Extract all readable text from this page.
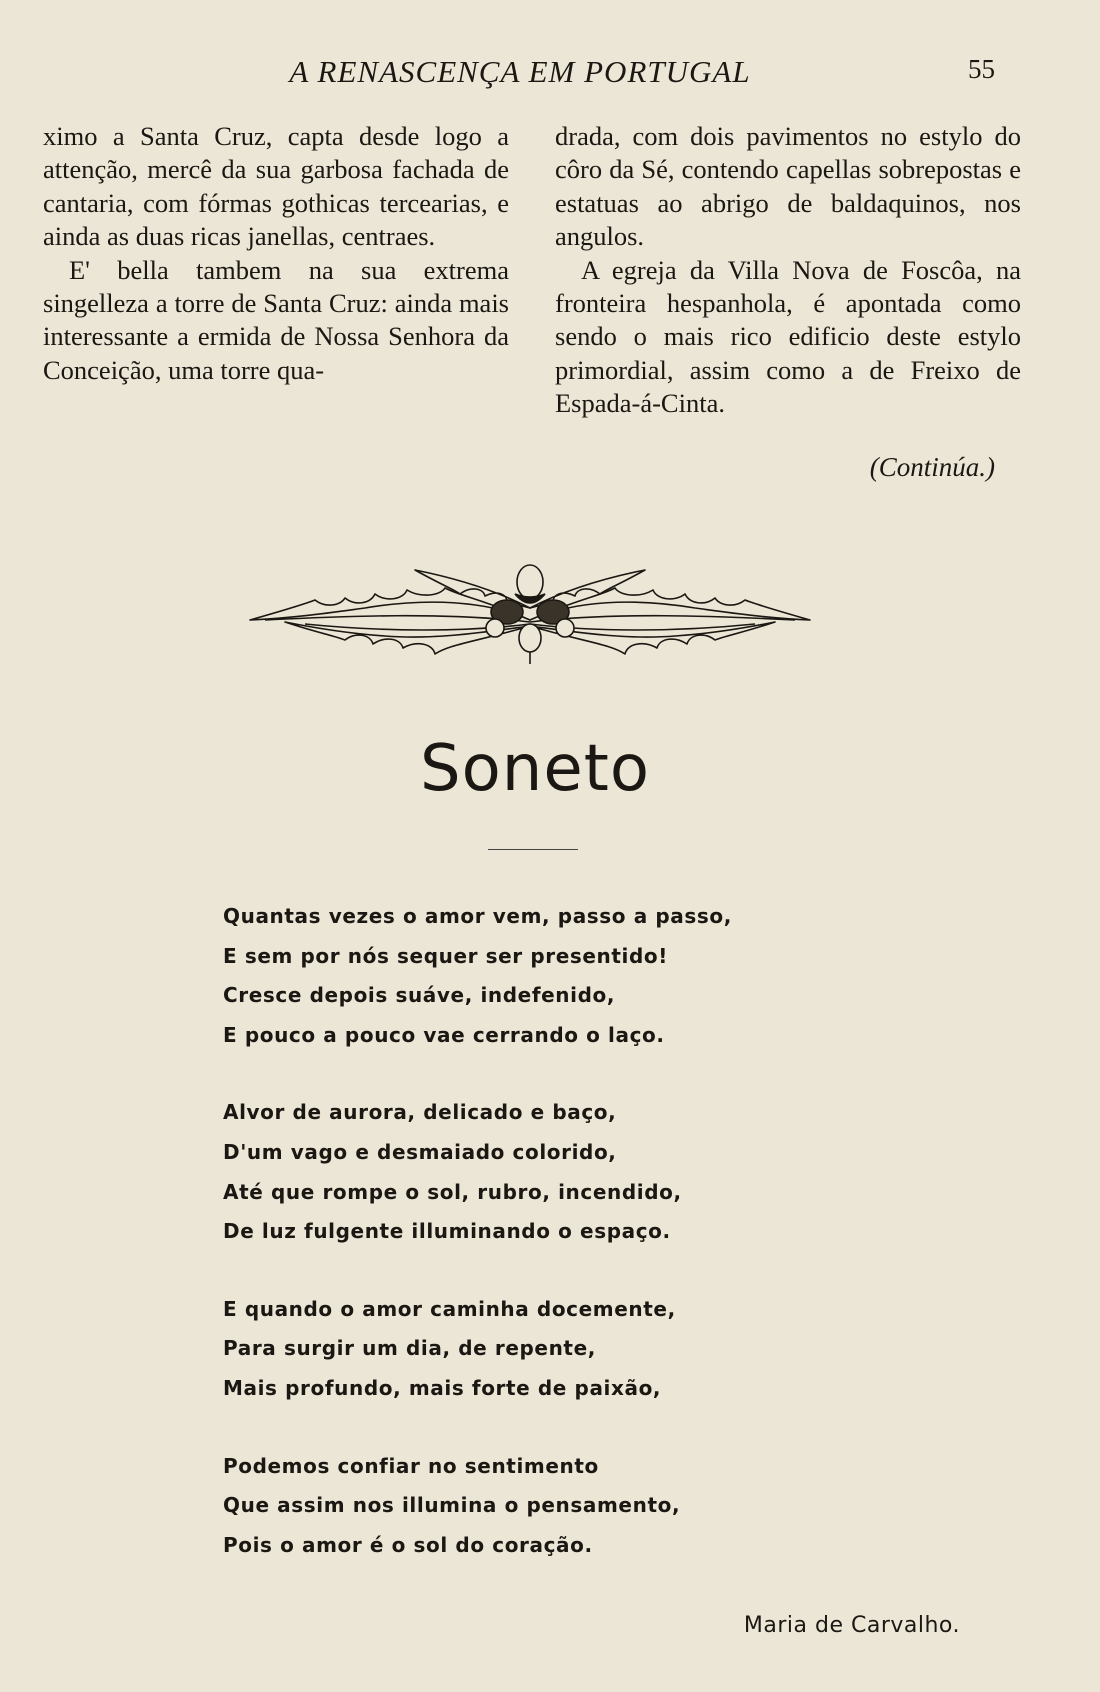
A RENASCENÇA EM PORTUGAL	55

ximo a Santa Cruz, capta desde logo a attenção, mercê da sua garbosa fachada de cantaria, com fórmas gothicas tercearias, e ainda as duas ricas janellas, centraes.

E' bella tambem na sua extrema singelleza a torre de Santa Cruz: ainda mais interessante a ermida de Nossa Senhora da Conceição, uma torre qua-

drada, com dois pavimentos no estylo do côro da Sé, contendo capellas sobrepostas e estatuas ao abrigo de baldaquinos, nos angulos.

A egreja da Villa Nova de Foscôa, na fronteira hespanhola, é apontada como sendo o mais rico edificio deste estylo primordial, assim como a de Freixo de Espada-á-Cinta.

(Continúa.)
Soneto
Quantas vezes o amor vem, passo a passo,
E sem por nós sequer ser presentido!
Cresce depois suáve, indefenido,
E pouco a pouco vae cerrando o laço.
Alvor de aurora, delicado e baço,
D'um vago e desmaiado colorido,
Até que rompe o sol, rubro, incendido,
De luz fulgente illuminando o espaço.
E quando o amor caminha docemente,
Para surgir um dia, de repente,
Mais profundo, mais forte de paixão,
Podemos confiar no sentimento
Que assim nos illumina o pensamento,
Pois o amor é o sol do coração.
Maria de Carvalho.
